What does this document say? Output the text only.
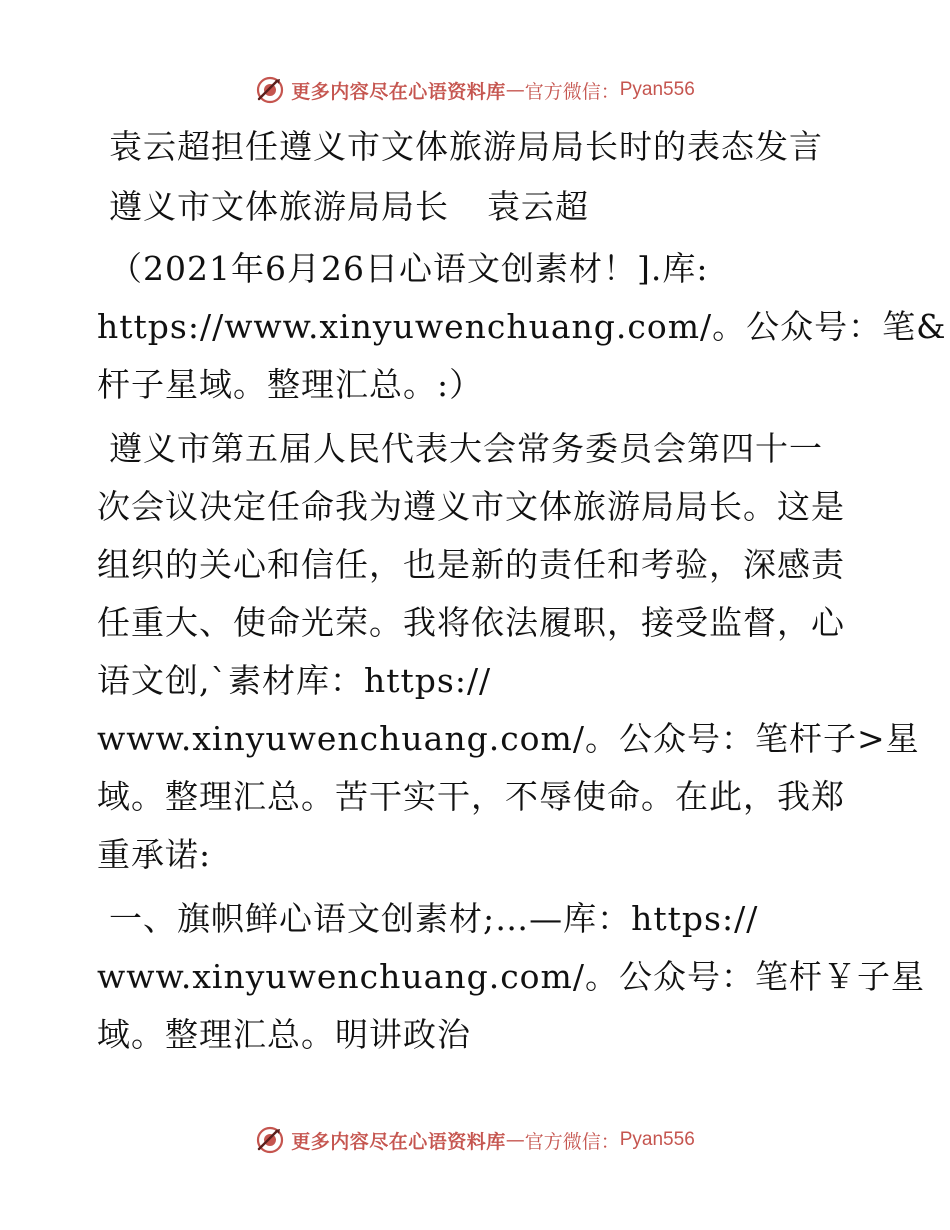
更多内容尽在心语资料库 — 官方微信： Pyan556
袁云超担任遵义市文体旅游局局长时的表态发言

遵义市文体旅游局局长 袁云超

（2021年6月26日心语文创素材！].库:
https://www.xinyuwenchuang.com/。公众号：笔&
杆子星域。整理汇总。:）

遵义市第五届人民代表大会常务委员会第四十一
次会议决定任命我为遵义市文体旅游局局长。这是
组织的关心和信任，也是新的责任和考验，深感责
任重大、使命光荣。我将依法履职，接受监督，心
语文创,`素材库：https://
www.xinyuwenchuang.com/。公众号：笔杆子>星
域。整理汇总。苦干实干，不辱使命。在此，我郑
重承诺:

一、旗帜鲜心语文创素材;…—库：https://
www.xinyuwenchuang.com/。公众号：笔杆￥子星
域。整理汇总。明讲政治

更多内容尽在心语资料库 — 官方微信： Pyan556
